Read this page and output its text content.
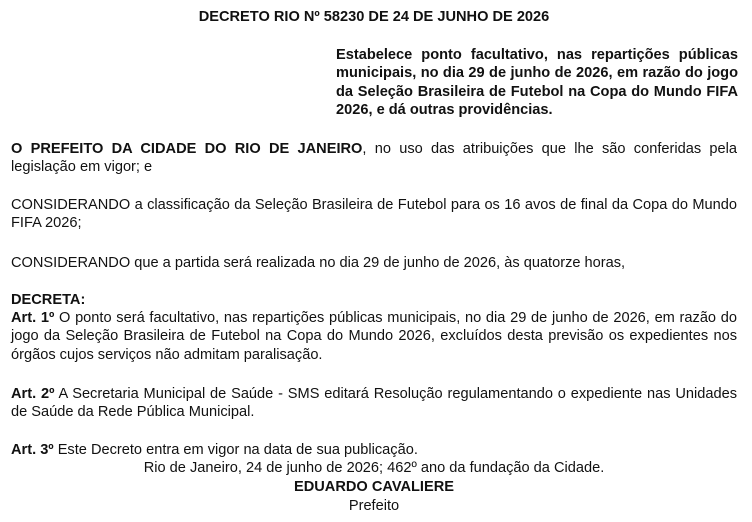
DECRETO RIO Nº 58230 DE 24 DE JUNHO DE 2026
Estabelece ponto facultativo, nas repartições públicas municipais, no dia 29 de junho de 2026, em razão do jogo da Seleção Brasileira de Futebol na Copa do Mundo FIFA 2026, e dá outras providências.
O PREFEITO DA CIDADE DO RIO DE JANEIRO, no uso das atribuições que lhe são conferidas pela legislação em vigor; e
CONSIDERANDO a classificação da Seleção Brasileira de Futebol para os 16 avos de final da Copa do Mundo FIFA 2026;
CONSIDERANDO que a partida será realizada no dia 29 de junho de 2026, às quatorze horas,
DECRETA:
Art. 1º O ponto será facultativo, nas repartições públicas municipais, no dia 29 de junho de 2026, em razão do jogo da Seleção Brasileira de Futebol na Copa do Mundo 2026, excluídos desta previsão os expedientes nos órgãos cujos serviços não admitam paralisação.
Art. 2º A Secretaria Municipal de Saúde - SMS editará Resolução regulamentando o expediente nas Unidades de Saúde da Rede Pública Municipal.
Art. 3º Este Decreto entra em vigor na data de sua publicação.
Rio de Janeiro, 24 de junho de 2026; 462º ano da fundação da Cidade.
EDUARDO CAVALIERE
Prefeito
